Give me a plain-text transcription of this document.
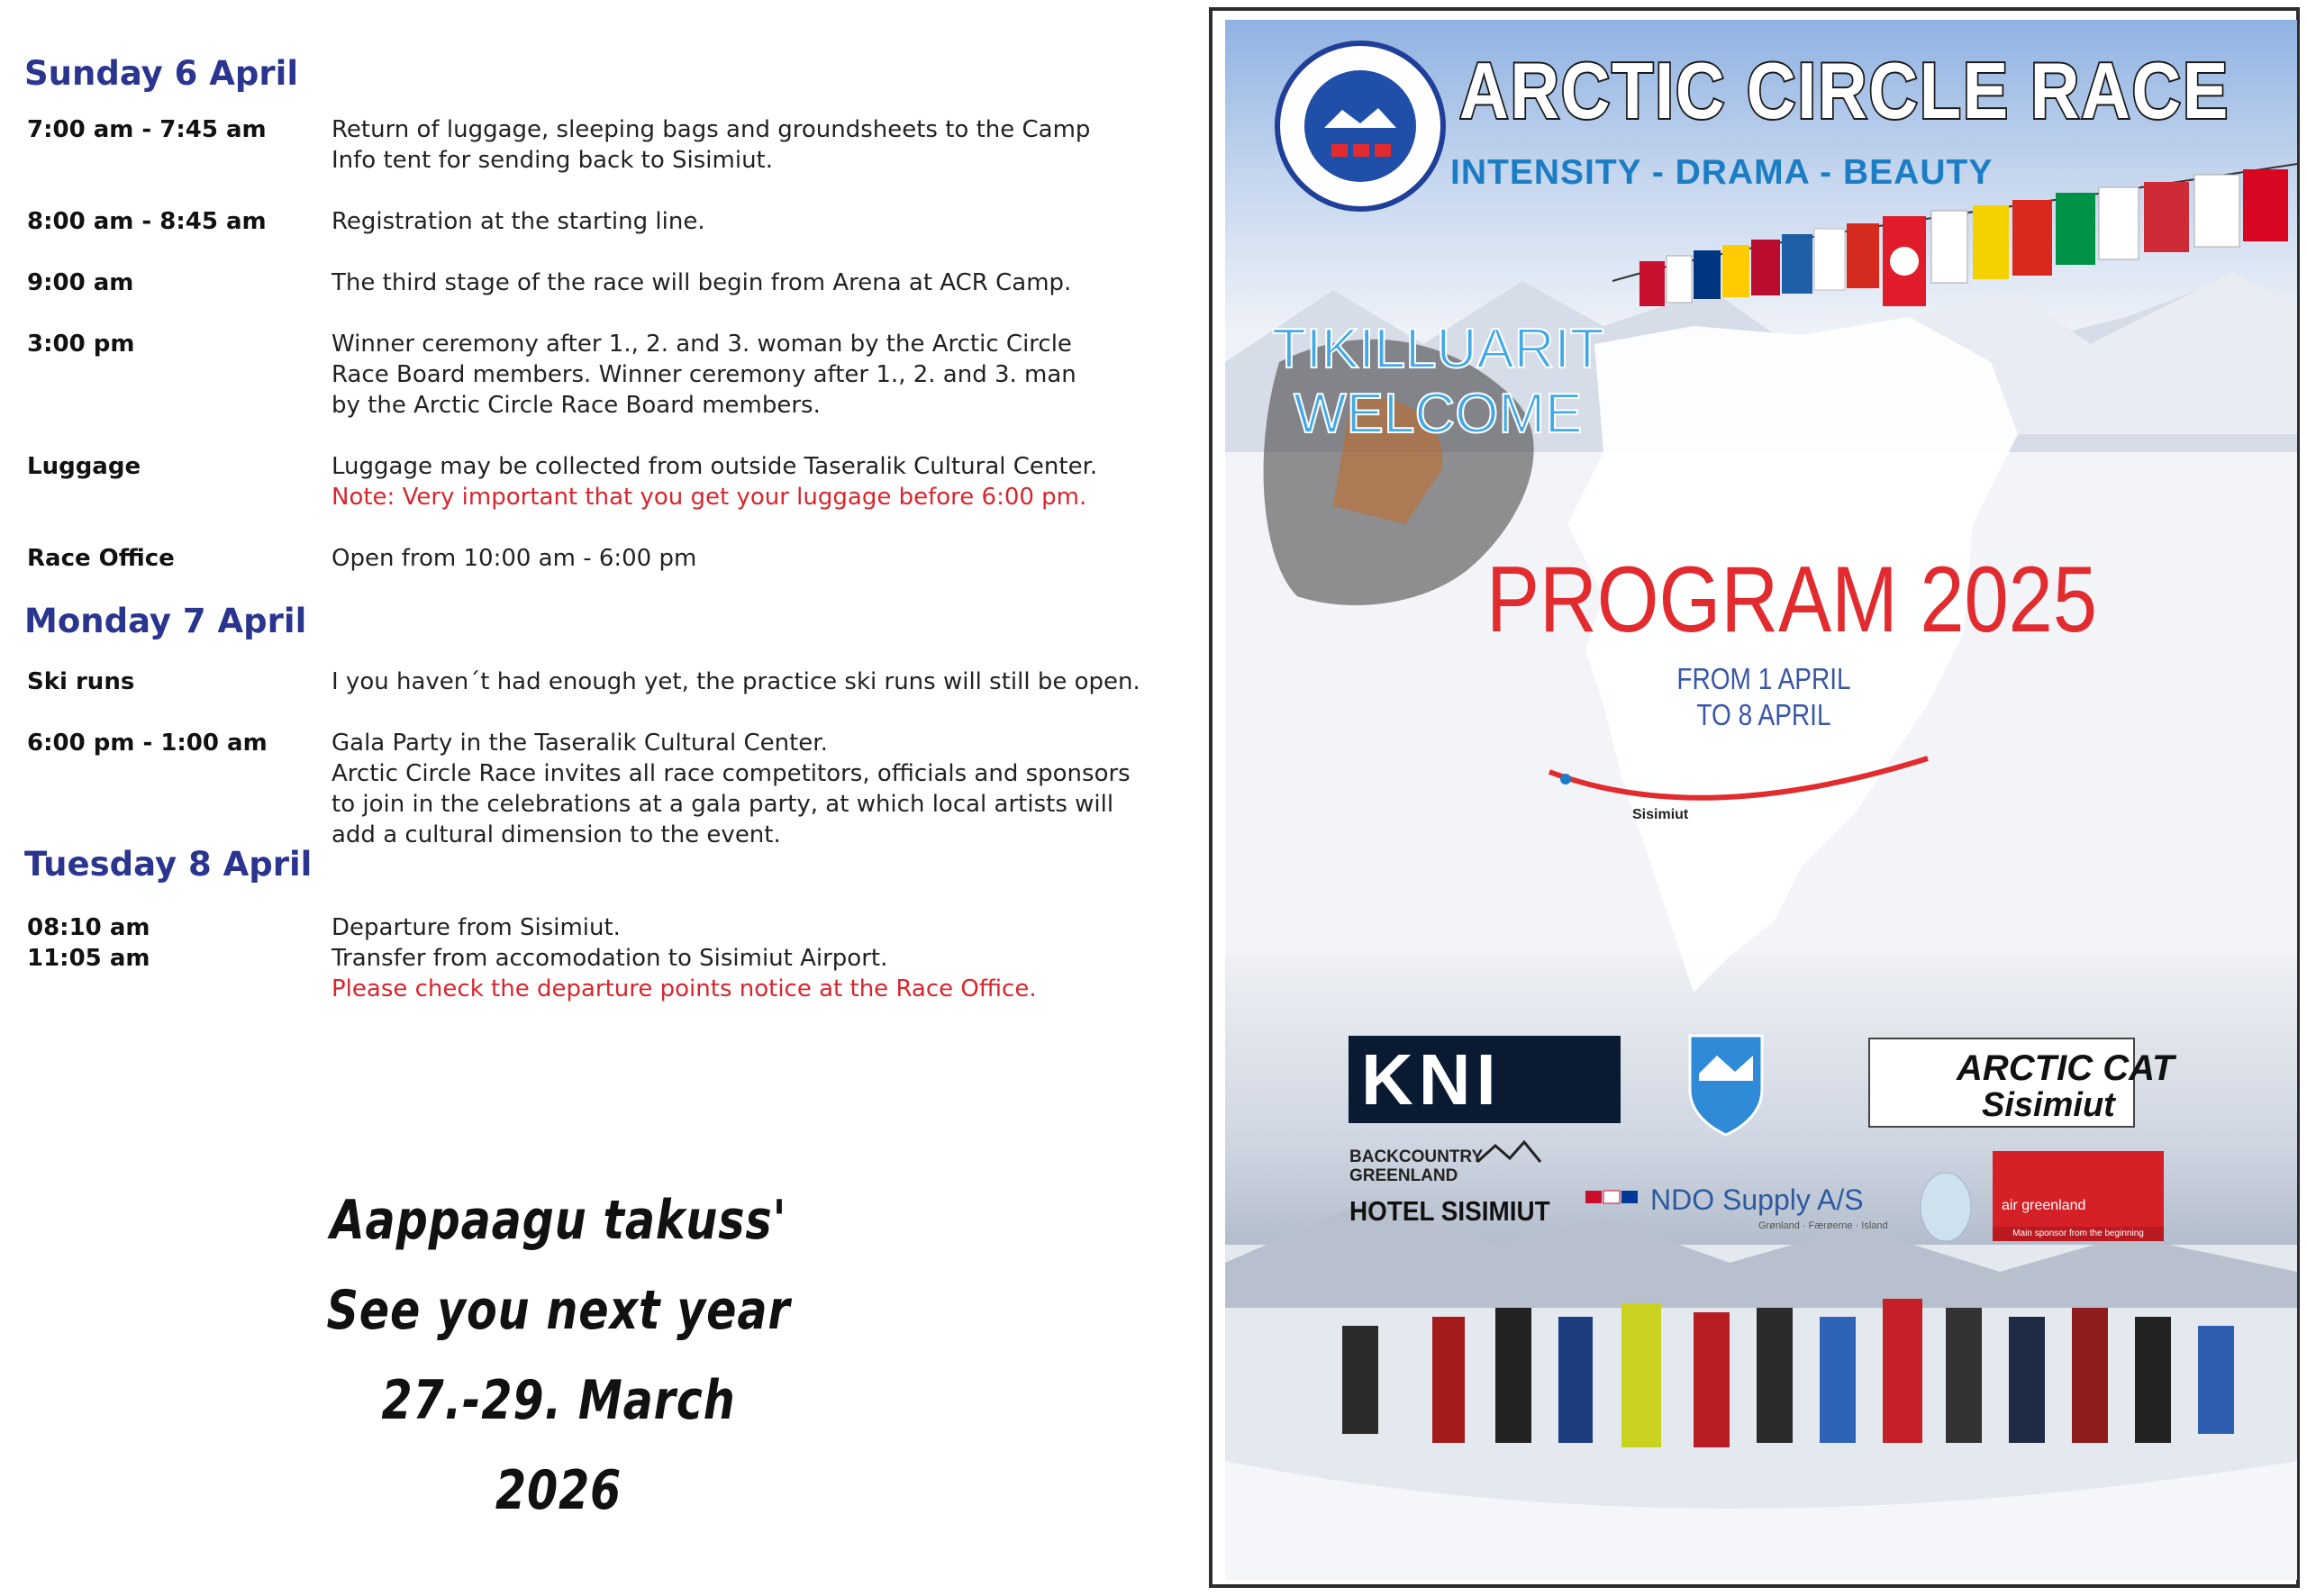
Sunday 6 April
7:00 am - 7:45 am	Return of luggage, sleeping bags and groundsheets to the Camp
Info tent for sending back to Sisimiut.
8:00 am - 8:45 am	Registration at the starting line.
9:00 am	The third stage of the race will begin from Arena at ACR Camp.
3:00 pm	Winner ceremony after 1., 2. and 3. woman by the Arctic Circle
Race Board members. Winner ceremony after 1., 2. and 3. man
by the Arctic Circle Race Board members.
Luggage	Luggage may be collected from outside Taseralik Cultural Center.
Note: Very important that you get your luggage before 6:00 pm.
Race Office	Open from 10:00 am - 6:00 pm
Monday 7 April
Ski runs	I you haven´t had enough yet, the practice ski runs will still be open.
6:00 pm - 1:00 am	Gala Party in the Taseralik Cultural Center.
Arctic Circle Race invites all race competitors, officials and sponsors
to join in the celebrations at a gala party, at which local artists will
add a cultural dimension to the event.
Tuesday 8 April
08:10 am	Departure from Sisimiut.
11:05 am	Transfer from accomodation to Sisimiut Airport.
Please check the departure points notice at the Race Office.
Aappaagu takuss'
See you next year
27.-29. March 2026
ARCTIC CIRCLE RACE
INTENSITY - DRAMA - BEAUTY
TIKILLUARIT
WELCOME
PROGRAM 2025
FROM 1 APRIL
TO 8 APRIL
Sisimiut
KNI	ARCTIC CAT
Sisimiut
BACKCOUNTRY
GREENLAND
HOTEL SISIMIUT	NDO Supply A/S
Grønland · Færøerne · Island
air greenland
Main sponsor from the beginning
